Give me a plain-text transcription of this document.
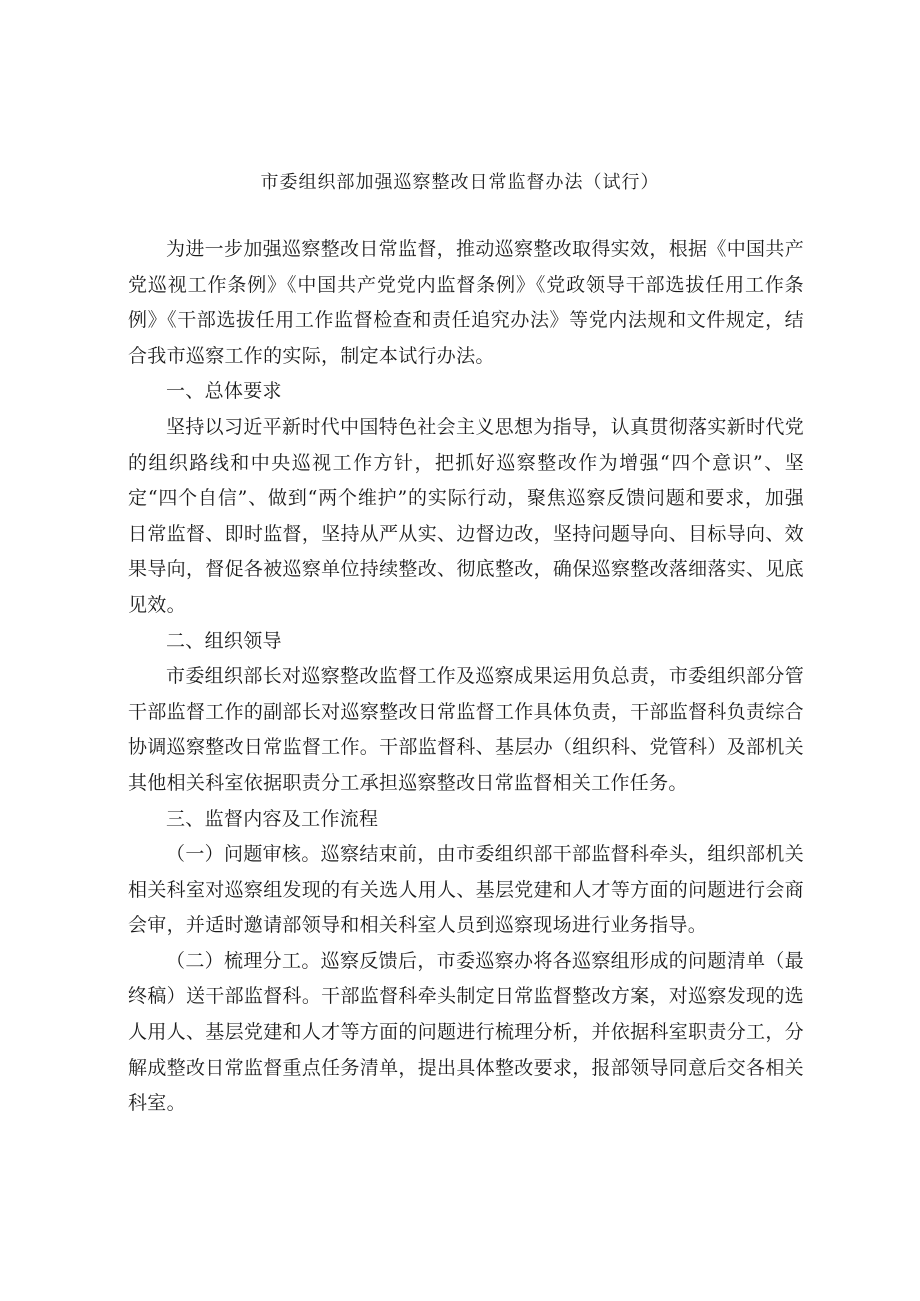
市委组织部加强巡察整改日常监督办法（试行）

为进一步加强巡察整改日常监督，推动巡察整改取得实效，根据《中国共产党巡视工作条例》《中国共产党党内监督条例》《党政领导干部选拔任用工作条例》《干部选拔任用工作监督检查和责任追究办法》等党内法规和文件规定，结合我市巡察工作的实际，制定本试行办法。

一、总体要求

坚持以习近平新时代中国特色社会主义思想为指导，认真贯彻落实新时代党的组织路线和中央巡视工作方针，把抓好巡察整改作为增强“四个意识”、坚定“四个自信”、做到“两个维护”的实际行动，聚焦巡察反馈问题和要求，加强日常监督、即时监督，坚持从严从实、边督边改，坚持问题导向、目标导向、效果导向，督促各被巡察单位持续整改、彻底整改，确保巡察整改落细落实、见底见效。

二、组织领导

市委组织部长对巡察整改监督工作及巡察成果运用负总责，市委组织部分管干部监督工作的副部长对巡察整改日常监督工作具体负责，干部监督科负责综合协调巡察整改日常监督工作。干部监督科、基层办（组织科、党管科）及部机关其他相关科室依据职责分工承担巡察整改日常监督相关工作任务。

三、监督内容及工作流程

（一）问题审核。巡察结束前，由市委组织部干部监督科牵头，组织部机关相关科室对巡察组发现的有关选人用人、基层党建和人才等方面的问题进行会商会审，并适时邀请部领导和相关科室人员到巡察现场进行业务指导。

（二）梳理分工。巡察反馈后，市委巡察办将各巡察组形成的问题清单（最终稿）送干部监督科。干部监督科牵头制定日常监督整改方案，对巡察发现的选人用人、基层党建和人才等方面的问题进行梳理分析，并依据科室职责分工，分解成整改日常监督重点任务清单，提出具体整改要求，报部领导同意后交各相关科室。
